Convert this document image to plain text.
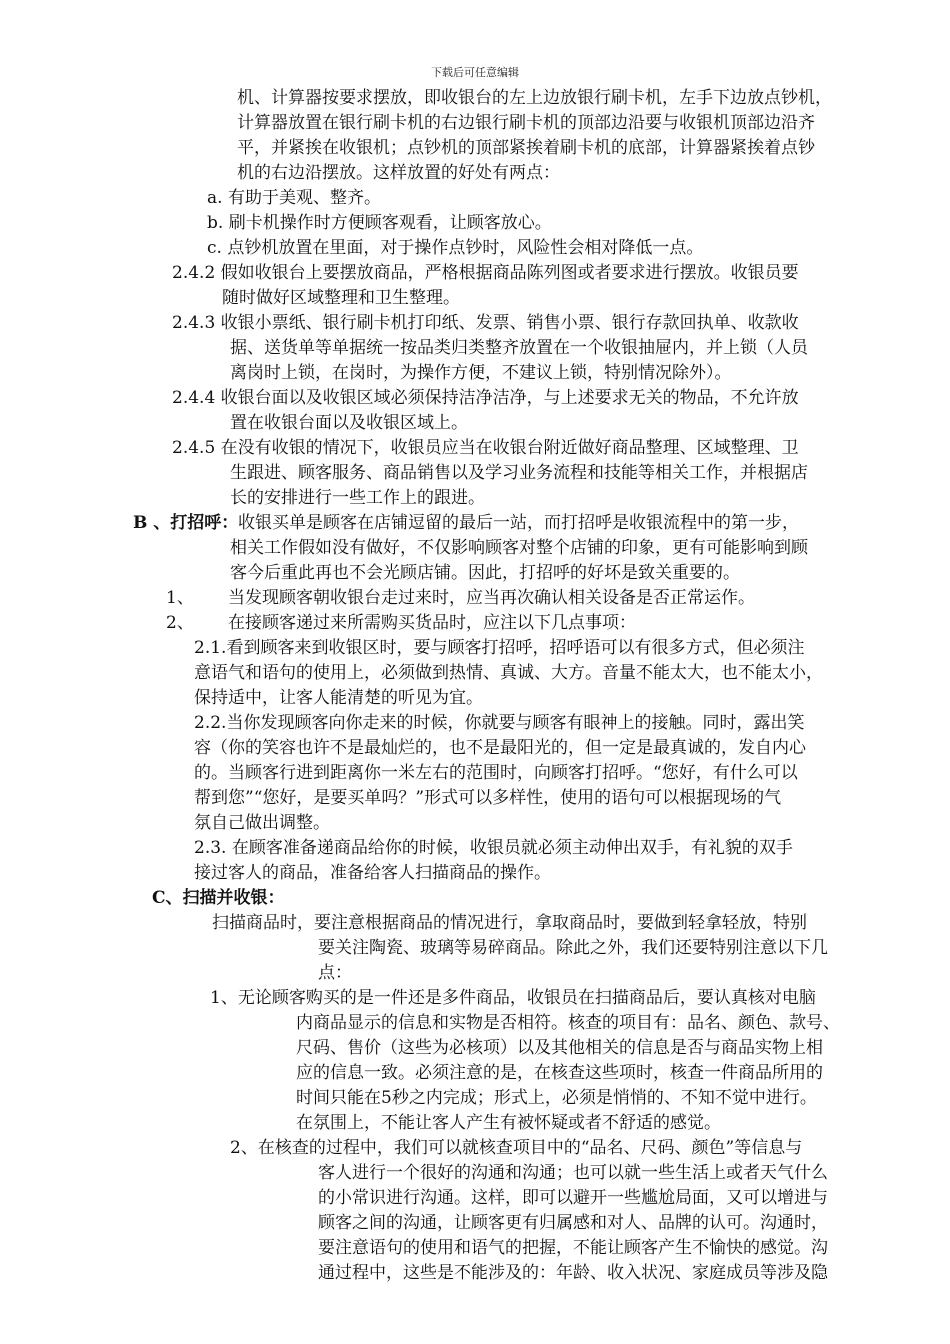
下载后可任意编辑
机、计算器按要求摆放，即收银台的左上边放银行刷卡机，左手下边放点钞机，
计算器放置在银行刷卡机的右边银行刷卡机的顶部边沿要与收银机顶部边沿齐
平，并紧挨在收银机；点钞机的顶部紧挨着刷卡机的底部，计算器紧挨着点钞
机的右边沿摆放。这样放置的好处有两点：
a. 有助于美观、整齐。
b. 刷卡机操作时方便顾客观看，让顾客放心。
c. 点钞机放置在里面，对于操作点钞时，风险性会相对降低一点。
2.4.2 假如收银台上要摆放商品，严格根据商品陈列图或者要求进行摆放。收银员要
随时做好区域整理和卫生整理。
2.4.3 收银小票纸、银行刷卡机打印纸、发票、销售小票、银行存款回执单、收款收
据、送货单等单据统一按品类归类整齐放置在一个收银抽屉内，并上锁（人员
离岗时上锁，在岗时，为操作方便，不建议上锁，特别情况除外）。
2.4.4 收银台面以及收银区域必须保持洁净洁净，与上述要求无关的物品，不允许放
置在收银台面以及收银区域上。
2.4.5 在没有收银的情况下，收银员应当在收银台附近做好商品整理、区域整理、卫
生跟进、顾客服务、商品销售以及学习业务流程和技能等相关工作，并根据店
长的安排进行一些工作上的跟进。
B 、打招呼： 收银买单是顾客在店铺逗留的最后一站，而打招呼是收银流程中的第一步，
相关工作假如没有做好，不仅影响顾客对整个店铺的印象，更有可能影响到顾
客今后重此再也不会光顾店铺。因此，打招呼的好坏是致关重要的。
1、 当发现顾客朝收银台走过来时，应当再次确认相关设备是否正常运作。
2、 在接顾客递过来所需购买货品时，应注以下几点事项：
2.1.看到顾客来到收银区时，要与顾客打招呼，招呼语可以有很多方式，但必须注
意语气和语句的使用上，必须做到热情、真诚、大方。音量不能太大，也不能太小，
保持适中，让客人能清楚的听见为宜。
2.2.当你发现顾客向你走来的时候，你就要与顾客有眼神上的接触。同时，露出笑
容（你的笑容也许不是最灿烂的，也不是最阳光的，但一定是最真诚的，发自内心
的。当顾客行进到距离你一米左右的范围时，向顾客打招呼。“您好，有什么可以
帮到您”“您好，是要买单吗？”形式可以多样性，使用的语句可以根据现场的气
氛自己做出调整。
2.3. 在顾客准备递商品给你的时候，收银员就必须主动伸出双手，有礼貌的双手
接过客人的商品，准备给客人扫描商品的操作。
C、扫描并收银：
扫描商品时，要注意根据商品的情况进行，拿取商品时，要做到轻拿轻放，特别
要关注陶瓷、玻璃等易碎商品。除此之外，我们还要特别注意以下几
点：
1、无论顾客购买的是一件还是多件商品，收银员在扫描商品后，要认真核对电脑
内商品显示的信息和实物是否相符。核查的项目有：品名、颜色、款号、
尺码、售价（这些为必核项）以及其他相关的信息是否与商品实物上相
应的信息一致。必须注意的是，在核查这些项时，核查一件商品所用的
时间只能在5秒之内完成；形式上，必须是悄悄的、不知不觉中进行。
在氛围上，不能让客人产生有被怀疑或者不舒适的感觉。
2、在核查的过程中，我们可以就核查项目中的“品名、尺码、颜色”等信息与
客人进行一个很好的沟通和沟通；也可以就一些生活上或者天气什么
的小常识进行沟通。这样，即可以避开一些尴尬局面，又可以增进与
顾客之间的沟通，让顾客更有归属感和对人、品牌的认可。沟通时，
要注意语句的使用和语气的把握，不能让顾客产生不愉快的感觉。沟
通过程中，这些是不能涉及的：年龄、收入状况、家庭成员等涉及隐
